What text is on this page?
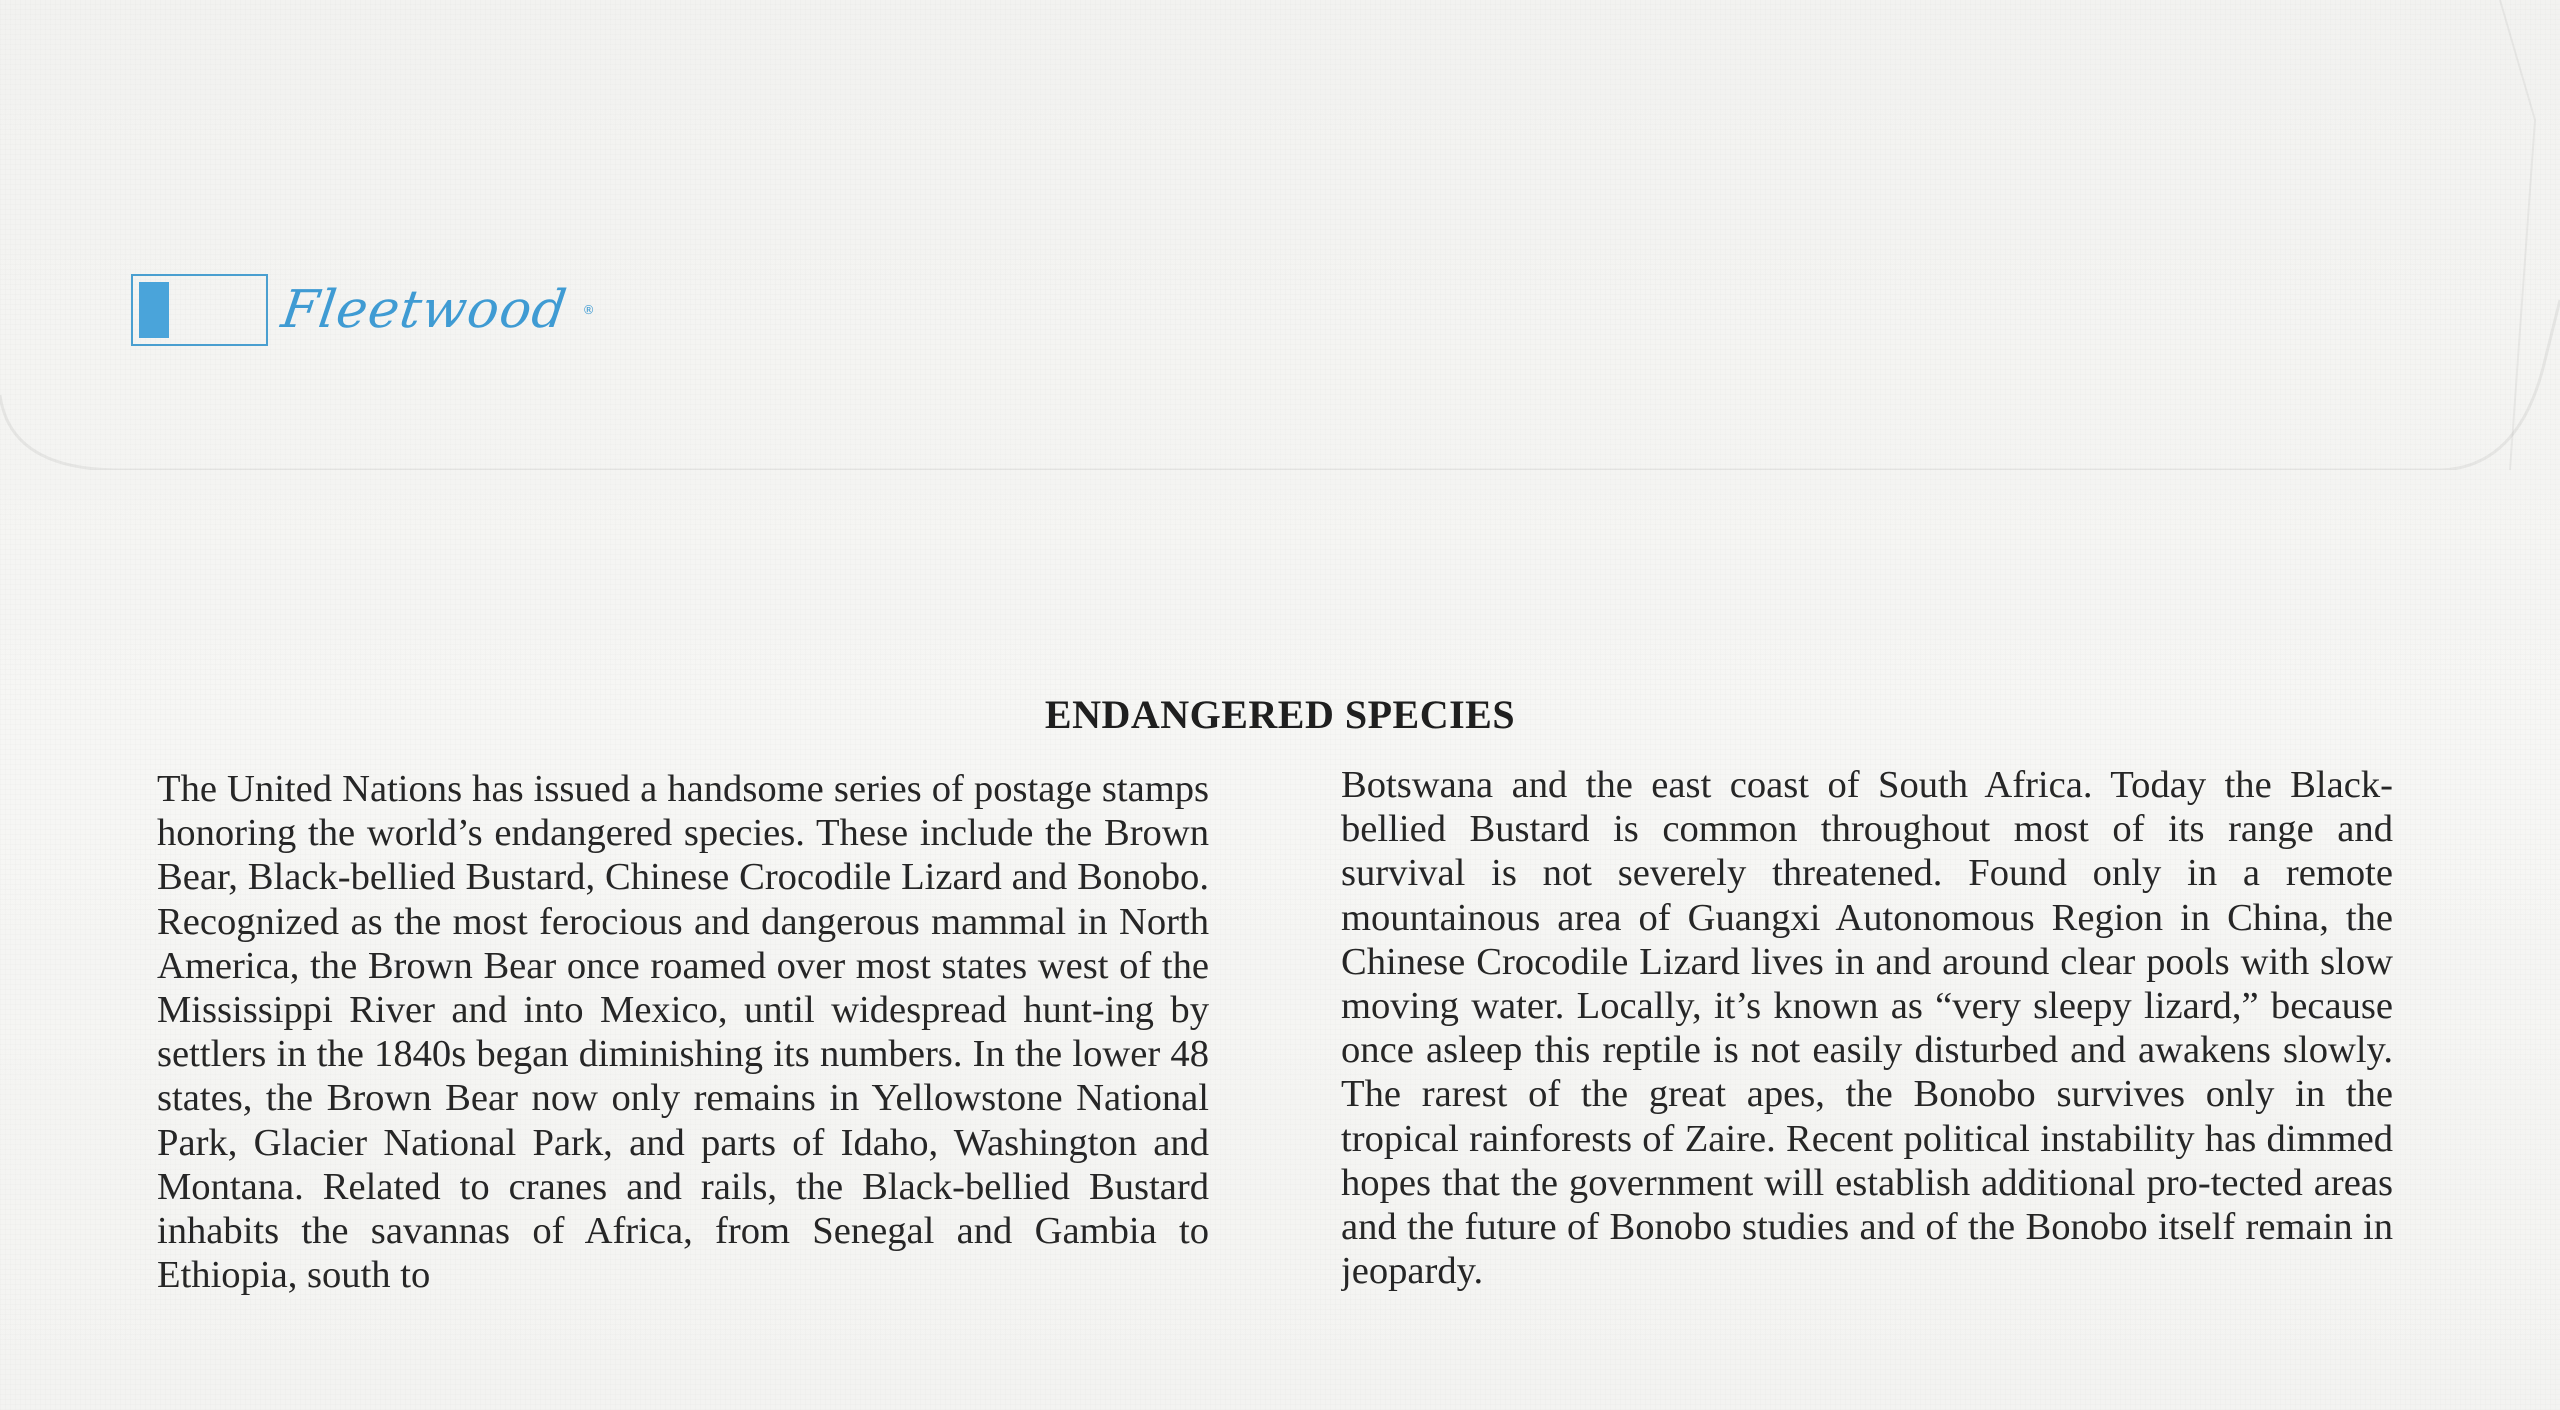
Fleetwood ®
ENDANGERED SPECIES

The United Nations has issued a handsome series of postage stamps honoring the world’s endangered species. These include the Brown Bear, Black-bellied Bustard, Chinese Crocodile Lizard and Bonobo. Recognized as the most ferocious and dangerous mammal in North America, the Brown Bear once roamed over most states west of the Mississippi River and into Mexico, until widespread hunt-ing by settlers in the 1840s began diminishing its numbers. In the lower 48 states, the Brown Bear now only remains in Yellowstone National Park, Glacier National Park, and parts of Idaho, Washington and Montana. Related to cranes and rails, the Black-bellied Bustard inhabits the savannas of Africa, from Senegal and Gambia to Ethiopia, south to

Botswana and the east coast of South Africa. Today the Black-bellied Bustard is common throughout most of its range and survival is not severely threatened. Found only in a remote mountainous area of Guangxi Autonomous Region in China, the Chinese Crocodile Lizard lives in and around clear pools with slow moving water. Locally, it’s known as “very sleepy lizard,” because once asleep this reptile is not easily disturbed and awakens slowly. The rarest of the great apes, the Bonobo survives only in the tropical rainforests of Zaire. Recent political instability has dimmed hopes that the government will establish additional pro-tected areas and the future of Bonobo studies and of the Bonobo itself remain in jeopardy.
